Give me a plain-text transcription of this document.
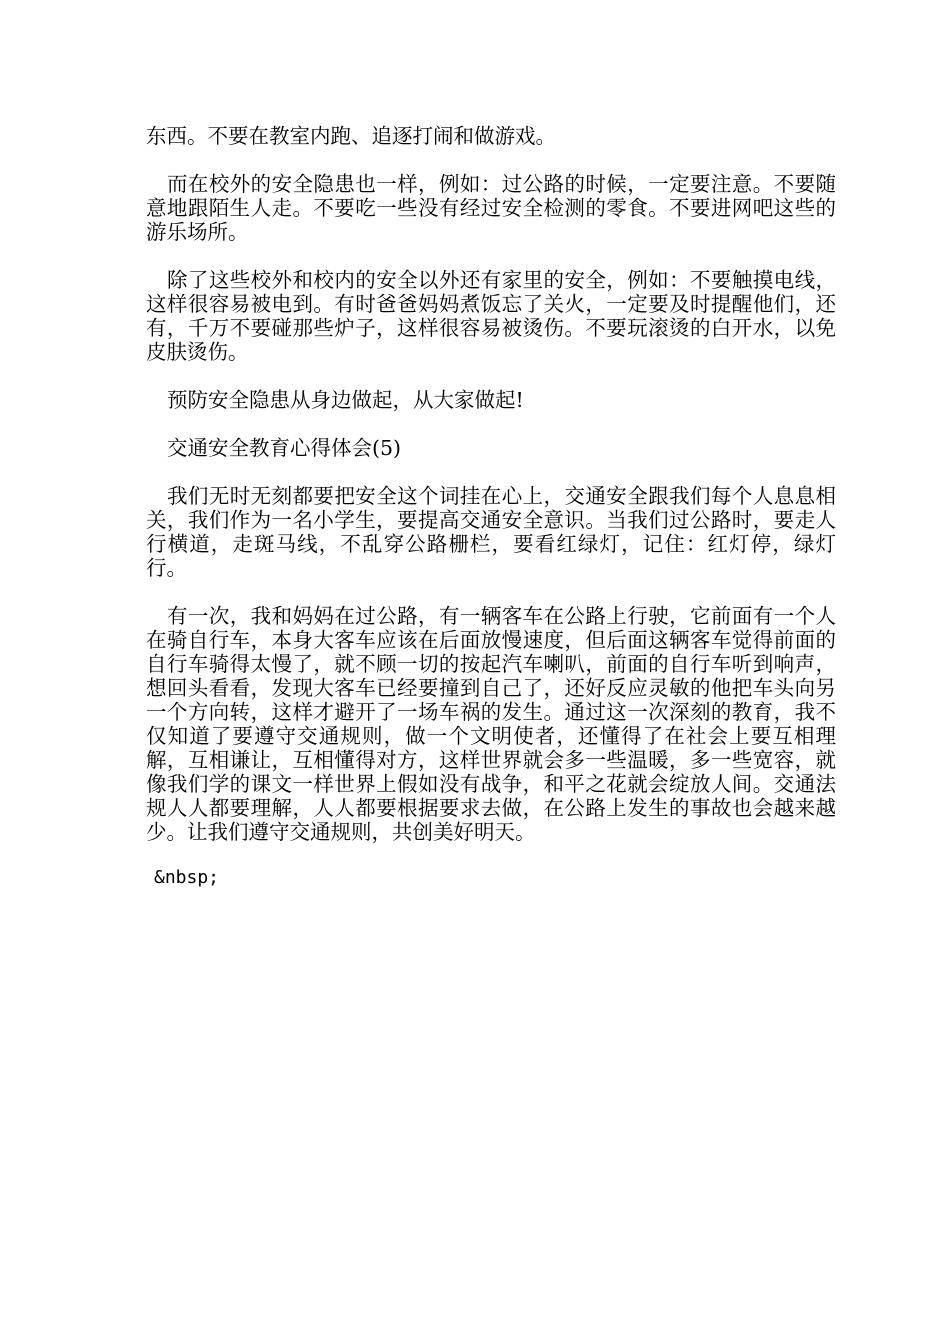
东西。不要在教室内跑、追逐打闹和做游戏。

而在校外的安全隐患也一样，例如：过公路的时候，一定要注意。不要随意地跟陌生人走。不要吃一些没有经过安全检测的零食。不要进网吧这些的游乐场所。

除了这些校外和校内的安全以外还有家里的安全，例如：不要触摸电线，这样很容易被电到。有时爸爸妈妈煮饭忘了关火，一定要及时提醒他们，还有，千万不要碰那些炉子，这样很容易被烫伤。不要玩滚烫的白开水，以免皮肤烫伤。

预防安全隐患从身边做起，从大家做起!

交通安全教育心得体会(5)

我们无时无刻都要把安全这个词挂在心上，交通安全跟我们每个人息息相关，我们作为一名小学生，要提高交通安全意识。当我们过公路时，要走人行横道，走斑马线，不乱穿公路栅栏，要看红绿灯，记住：红灯停，绿灯行。

有一次，我和妈妈在过公路，有一辆客车在公路上行驶，它前面有一个人在骑自行车，本身大客车应该在后面放慢速度，但后面这辆客车觉得前面的自行车骑得太慢了，就不顾一切的按起汽车喇叭，前面的自行车听到响声，想回头看看，发现大客车已经要撞到自己了，还好反应灵敏的他把车头向另一个方向转，这样才避开了一场车祸的发生。通过这一次深刻的教育，我不仅知道了要遵守交通规则，做一个文明使者，还懂得了在社会上要互相理解，互相谦让，互相懂得对方，这样世界就会多一些温暖，多一些宽容，就像我们学的课文一样世界上假如没有战争，和平之花就会绽放人间。交通法规人人都要理解，人人都要根据要求去做，在公路上发生的事故也会越来越少。让我们遵守交通规则，共创美好明天。

&nbsp;
